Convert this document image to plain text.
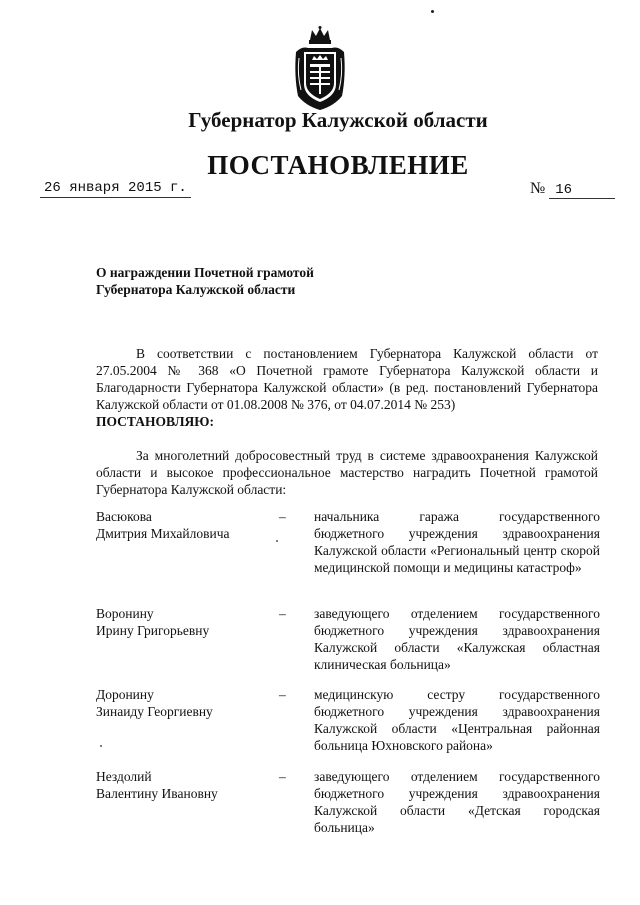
Губернатор Калужской области
ПОСТАНОВЛЕНИЕ
26 января 2015 г.	№ 16
О награждении Почетной грамотой
Губернатора Калужской области
В соответствии с постановлением Губернатора Калужской области от 27.05.2004 № 368 «О Почетной грамоте Губернатора Калужской области и Благодарности Губернатора Калужской области» (в ред. постановлений Губернатора Калужской области от 01.08.2008 № 376, от 04.07.2014 № 253)
ПОСТАНОВЛЯЮ:
За многолетний добросовестный труд в системе здравоохранения Калужской области и высокое профессиональное мастерство наградить Почетной грамотой Губернатора Калужской области:
Васюкова
Дмитрия Михайловича
– начальника гаража государственного бюджетного учреждения здравоохранения Калужской области «Региональный центр скорой медицинской помощи и медицины катастроф»
Воронину
Ирину Григорьевну
– заведующего отделением государственного бюджетного учреждения здравоохранения Калужской области «Калужская областная клиническая больница»
Доронину
Зинаиду Георгиевну
– медицинскую сестру государственного бюджетного учреждения здравоохранения Калужской области «Центральная районная больница Юхновского района»
Нездолий
Валентину Ивановну
– заведующего отделением государственного бюджетного учреждения здравоохранения Калужской области «Детская городская больница»
